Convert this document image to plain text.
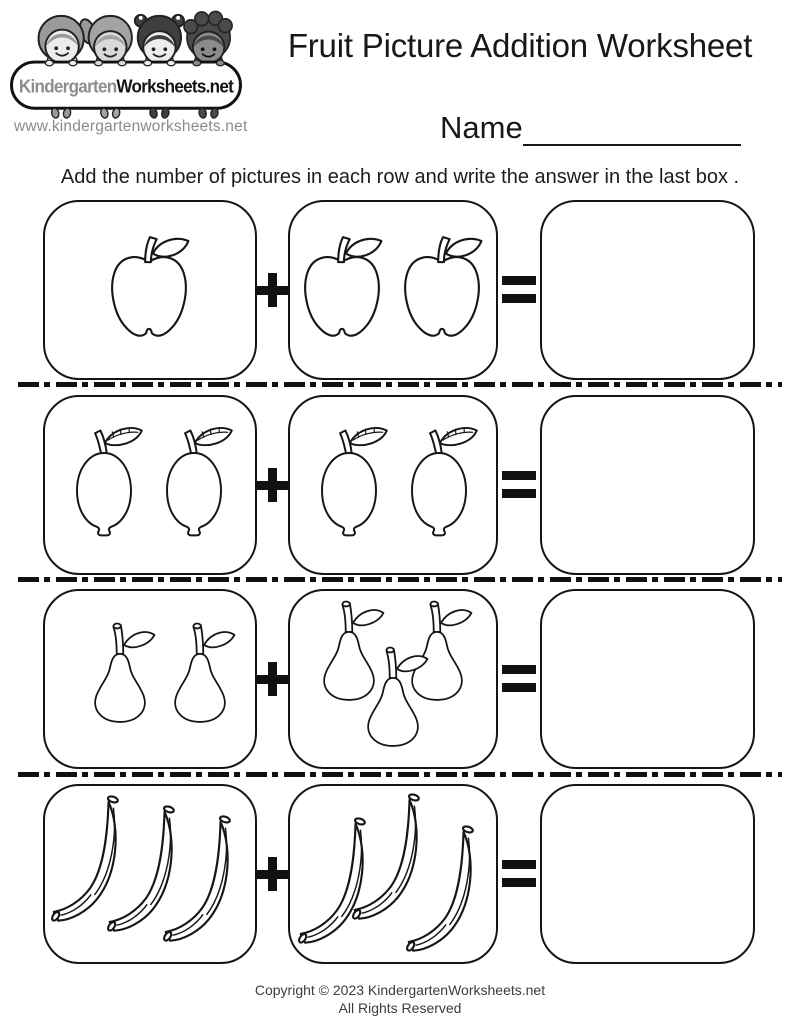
KindergartenWorksheets.net
www.kindergartenworksheets.net
Fruit Picture Addition Worksheet
Name

Add the number of pictures in each row and write the answer in the last box .

Copyright © 2023 KindergartenWorksheets.net
All Rights Reserved
